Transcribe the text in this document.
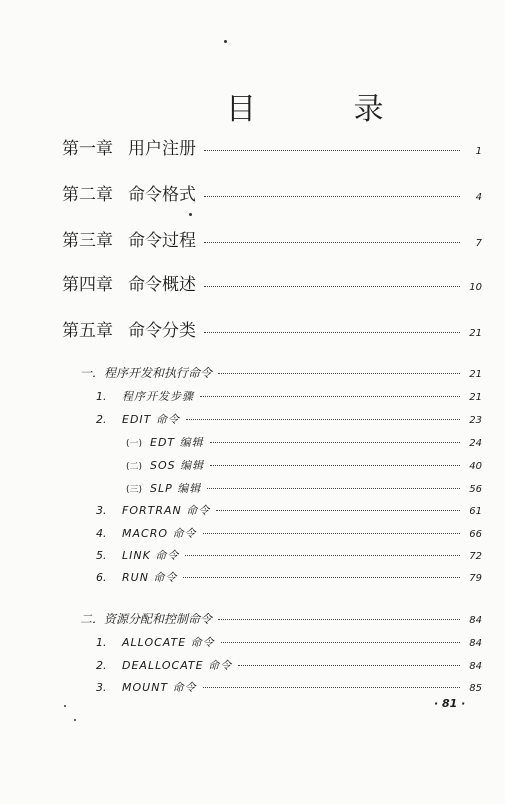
目 录
第一章 用户注册	1
第二章 命令格式	4
第三章 命令过程	7
第四章 命令概述	10
第五章 命令分类	21
一．程序开发和执行命令	21
1.	程序开发步骤	21
2.	EDIT 命令	23
(一) EDT 编辑	24
(二) SOS 编辑	40
(三) SLP 编辑	56
3.	FORTRAN 命令	61
4.	MACRO 命令	66
5.	LINK 命令	72
6.	RUN 命令	79
二．资源分配和控制命令	84
1.	ALLOCATE 命令	84
2.	DEALLOCATE 命令	84
3.	MOUNT 命令	85
· 81 ·
